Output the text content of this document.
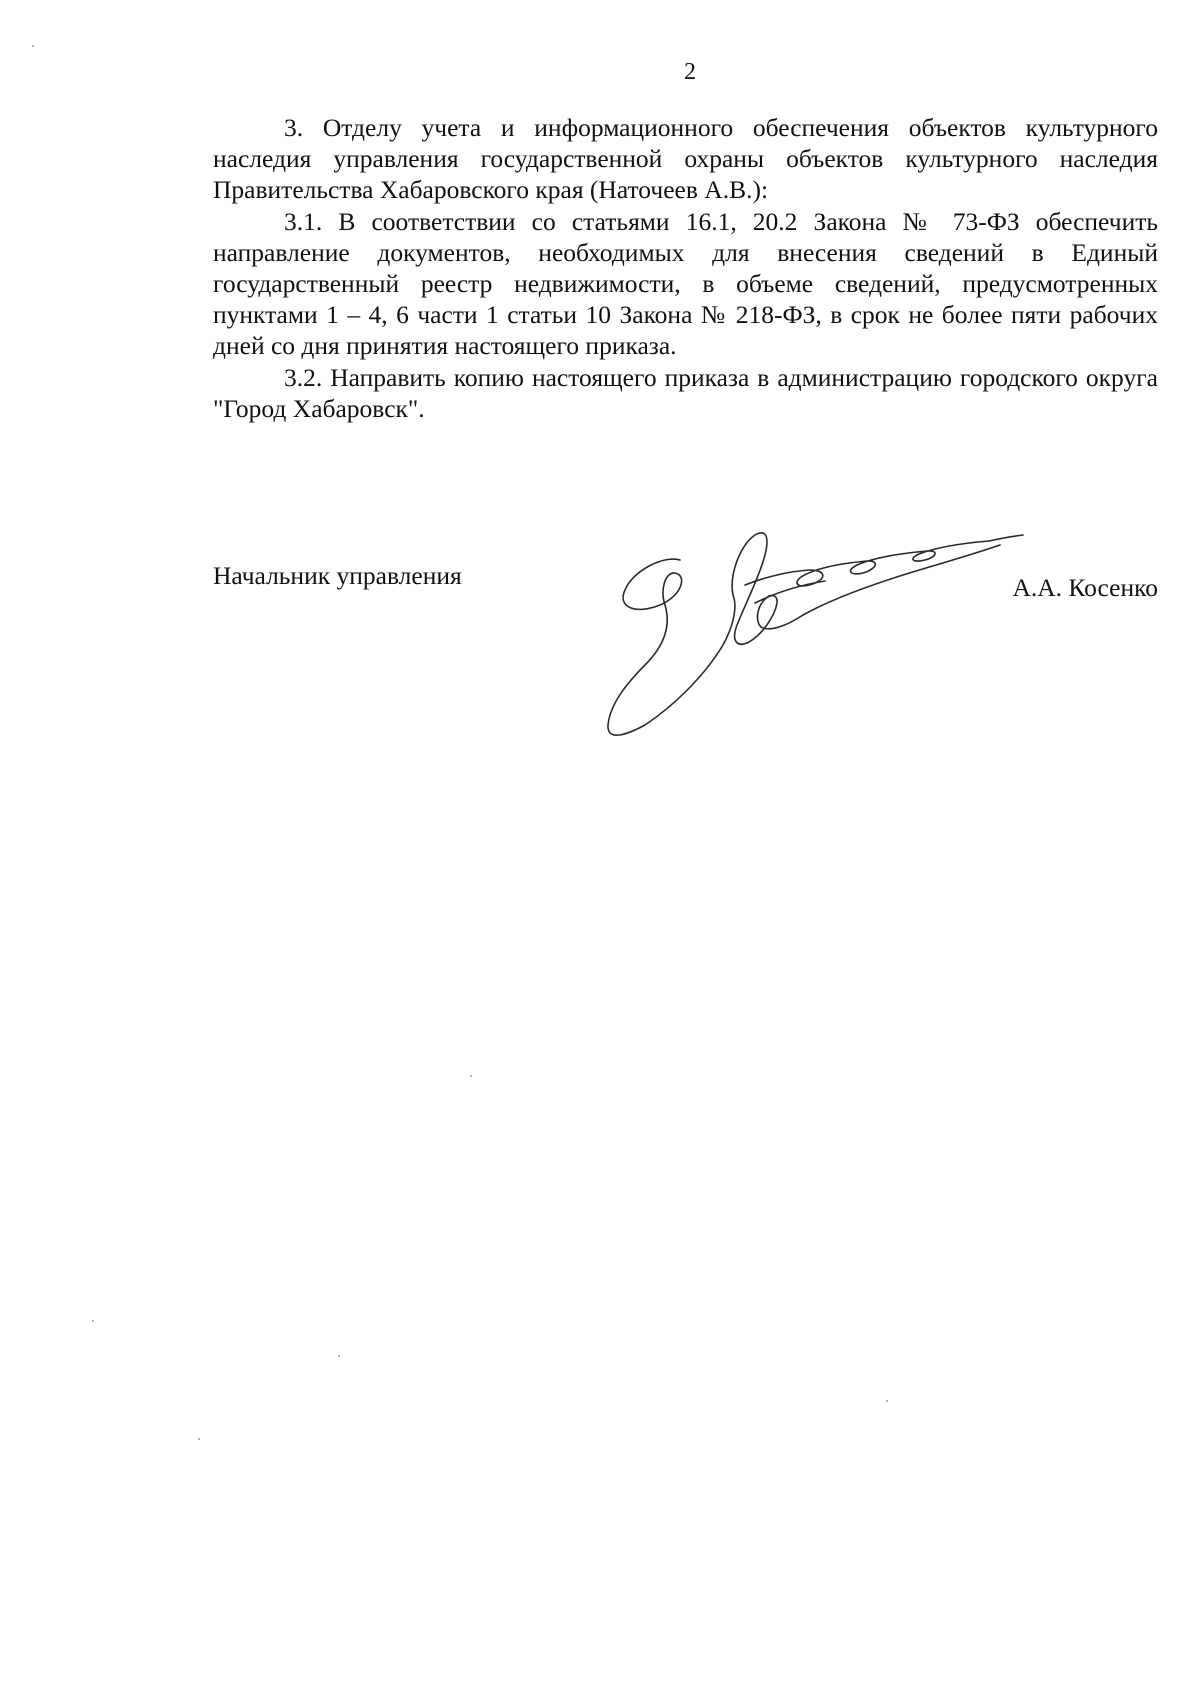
2

3. Отделу учета и информационного обеспечения объектов культурного наследия управления государственной охраны объектов культурного наследия Правительства Хабаровского края (Наточеев А.В.):

3.1. В соответствии со статьями 16.1, 20.2 Закона № 73-ФЗ обеспечить направление документов, необходимых для внесения сведений в Единый государственный реестр недвижимости, в объеме сведений, предусмотренных пунктами 1 – 4, 6 части 1 статьи 10 Закона № 218-ФЗ, в срок не более пяти рабочих дней со дня принятия настоящего приказа.

3.2. Направить копию настоящего приказа в администрацию городского округа "Город Хабаровск".

Начальник управления	А.А. Косенко
